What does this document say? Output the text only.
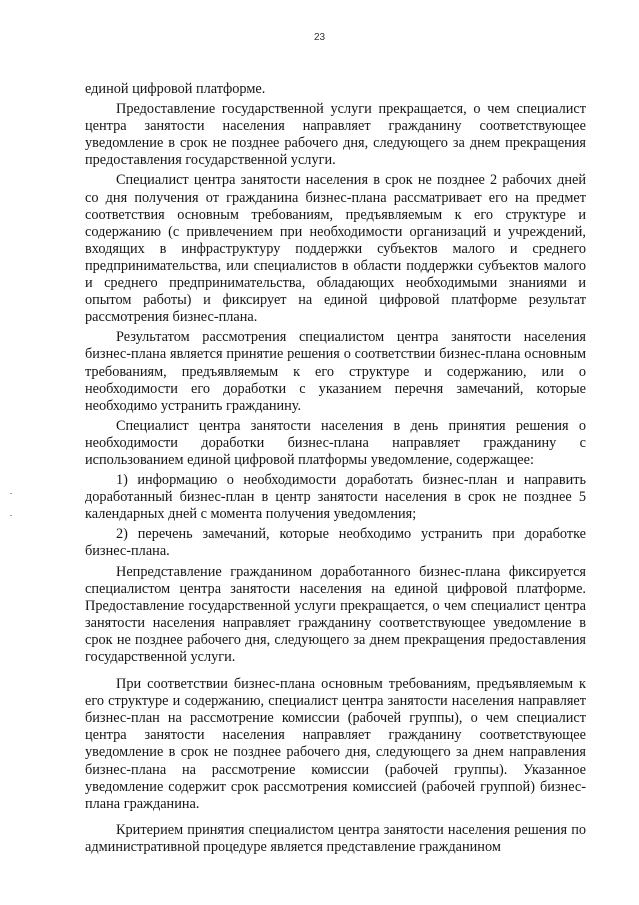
23

единой цифровой платформе.

Предоставление государственной услуги прекращается, о чем специалист центра занятости населения направляет гражданину соответствующее уведомление в срок не позднее рабочего дня, следующего за днем прекращения предоставления государственной услуги.

Специалист центра занятости населения в срок не позднее 2 рабочих дней со дня получения от гражданина бизнес-плана рассматривает его на предмет соответствия основным требованиям, предъявляемым к его структуре и содержанию (с привлечением при необходимости организаций и учреждений, входящих в инфраструктуру поддержки субъектов малого и среднего предпринимательства, или специалистов в области поддержки субъектов малого и среднего предпринимательства, обладающих необходимыми знаниями и опытом работы) и фиксирует на единой цифровой платформе результат рассмотрения бизнес-плана.

Результатом рассмотрения специалистом центра занятости населения бизнес-плана является принятие решения о соответствии бизнес-плана основным требованиям, предъявляемым к его структуре и содержанию, или о необходимости его доработки с указанием перечня замечаний, которые необходимо устранить гражданину.

Специалист центра занятости населения в день принятия решения о необходимости доработки бизнес-плана направляет гражданину с использованием единой цифровой платформы уведомление, содержащее:

1) информацию о необходимости доработать бизнес-план и направить доработанный бизнес-план в центр занятости населения в срок не позднее 5 календарных дней с момента получения уведомления;

2) перечень замечаний, которые необходимо устранить при доработке бизнес-плана.

Непредставление гражданином доработанного бизнес-плана фиксируется специалистом центра занятости населения на единой цифровой платформе. Предоставление государственной услуги прекращается, о чем специалист центра занятости населения направляет гражданину соответствующее уведомление в срок не позднее рабочего дня, следующего за днем прекращения предоставления государственной услуги.

При соответствии бизнес-плана основным требованиям, предъявляемым к его структуре и содержанию, специалист центра занятости населения направляет бизнес-план на рассмотрение комиссии (рабочей группы), о чем специалист центра занятости населения направляет гражданину соответствующее уведомление в срок не позднее рабочего дня, следующего за днем направления бизнес-плана на рассмотрение комиссии (рабочей группы). Указанное уведомление содержит срок рассмотрения комиссией (рабочей группой) бизнес-плана гражданина.

Критерием принятия специалистом центра занятости населения решения по административной процедуре является представление гражданином
